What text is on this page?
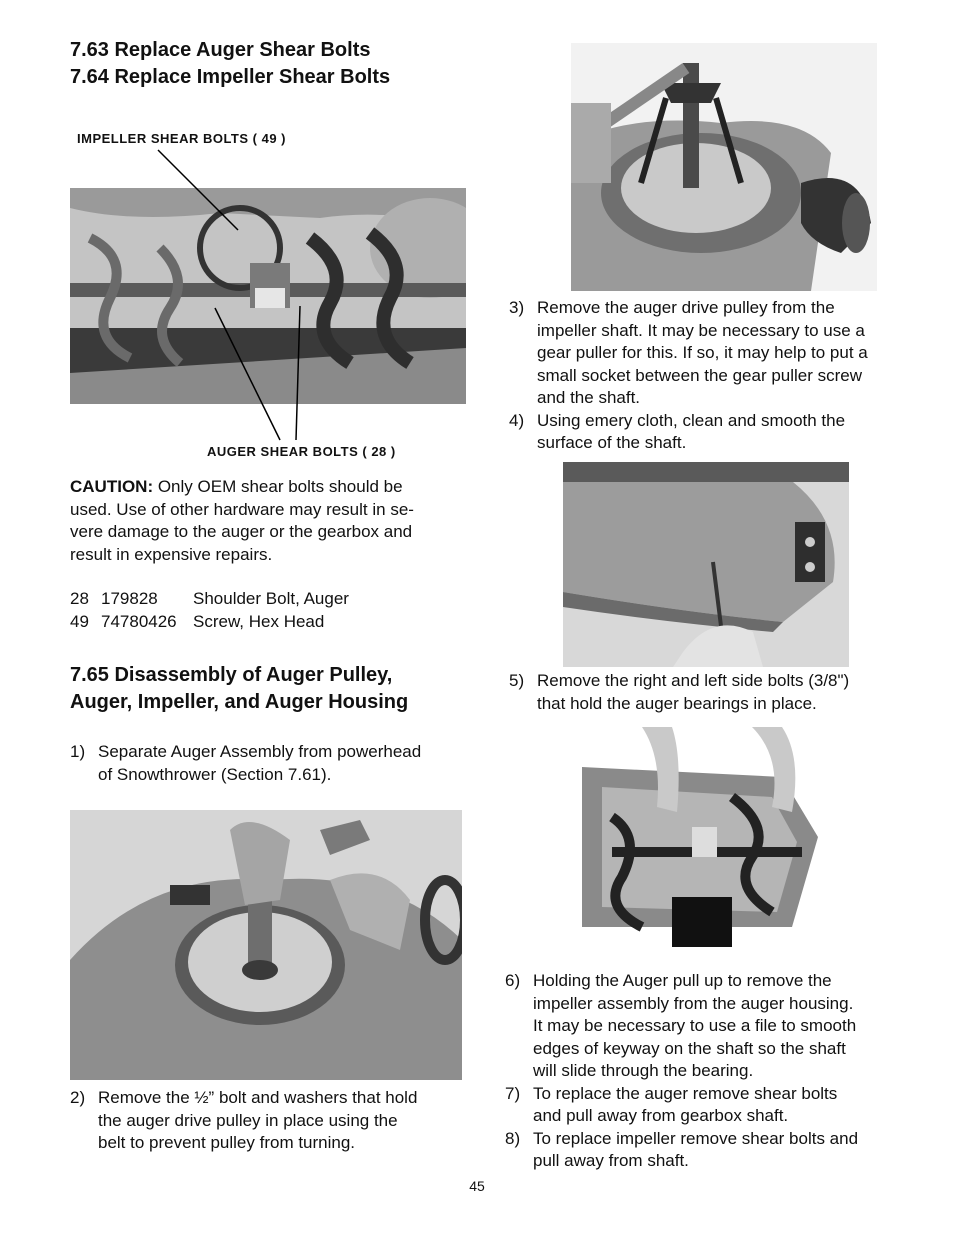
7.63 Replace Auger Shear Bolts

7.64 Replace Impeller Shear Bolts

IMPELLER SHEAR BOLTS ( 49 )
AUGER SHEAR BOLTS ( 28 )
CAUTION: Only OEM shear bolts should be
used. Use of other hardware may result in se-
vere damage to the auger or the gearbox and
result in expensive repairs.
28 179828	Shoulder Bolt, Auger
49 74780426 Screw, Hex Head

7.65 Disassembly of Auger Pulley,

Auger, Impeller, and Auger Housing

1) Separate Auger Assembly from powerhead
of Snowthrower (Section 7.61).
2) Remove the ½” bolt and washers that hold
the auger drive pulley in place using the
belt to prevent pulley from turning.
3) Remove the auger drive pulley from the
impeller shaft. It may be necessary to use a
gear puller for this. If so, it may help to put a
small socket between the gear puller screw
and the shaft.
4) Using emery cloth, clean and smooth the
surface of the shaft.
5) Remove the right and left side bolts (3/8")
that hold the auger bearings in place.
6) Holding the Auger pull up to remove the
impeller assembly from the auger housing.
It may be necessary to use a file to smooth
edges of keyway on the shaft so the shaft
will slide through the bearing.
7) To replace the auger remove shear bolts
and pull away from gearbox shaft.
8) To replace impeller remove shear bolts and
pull away from shaft.
45
